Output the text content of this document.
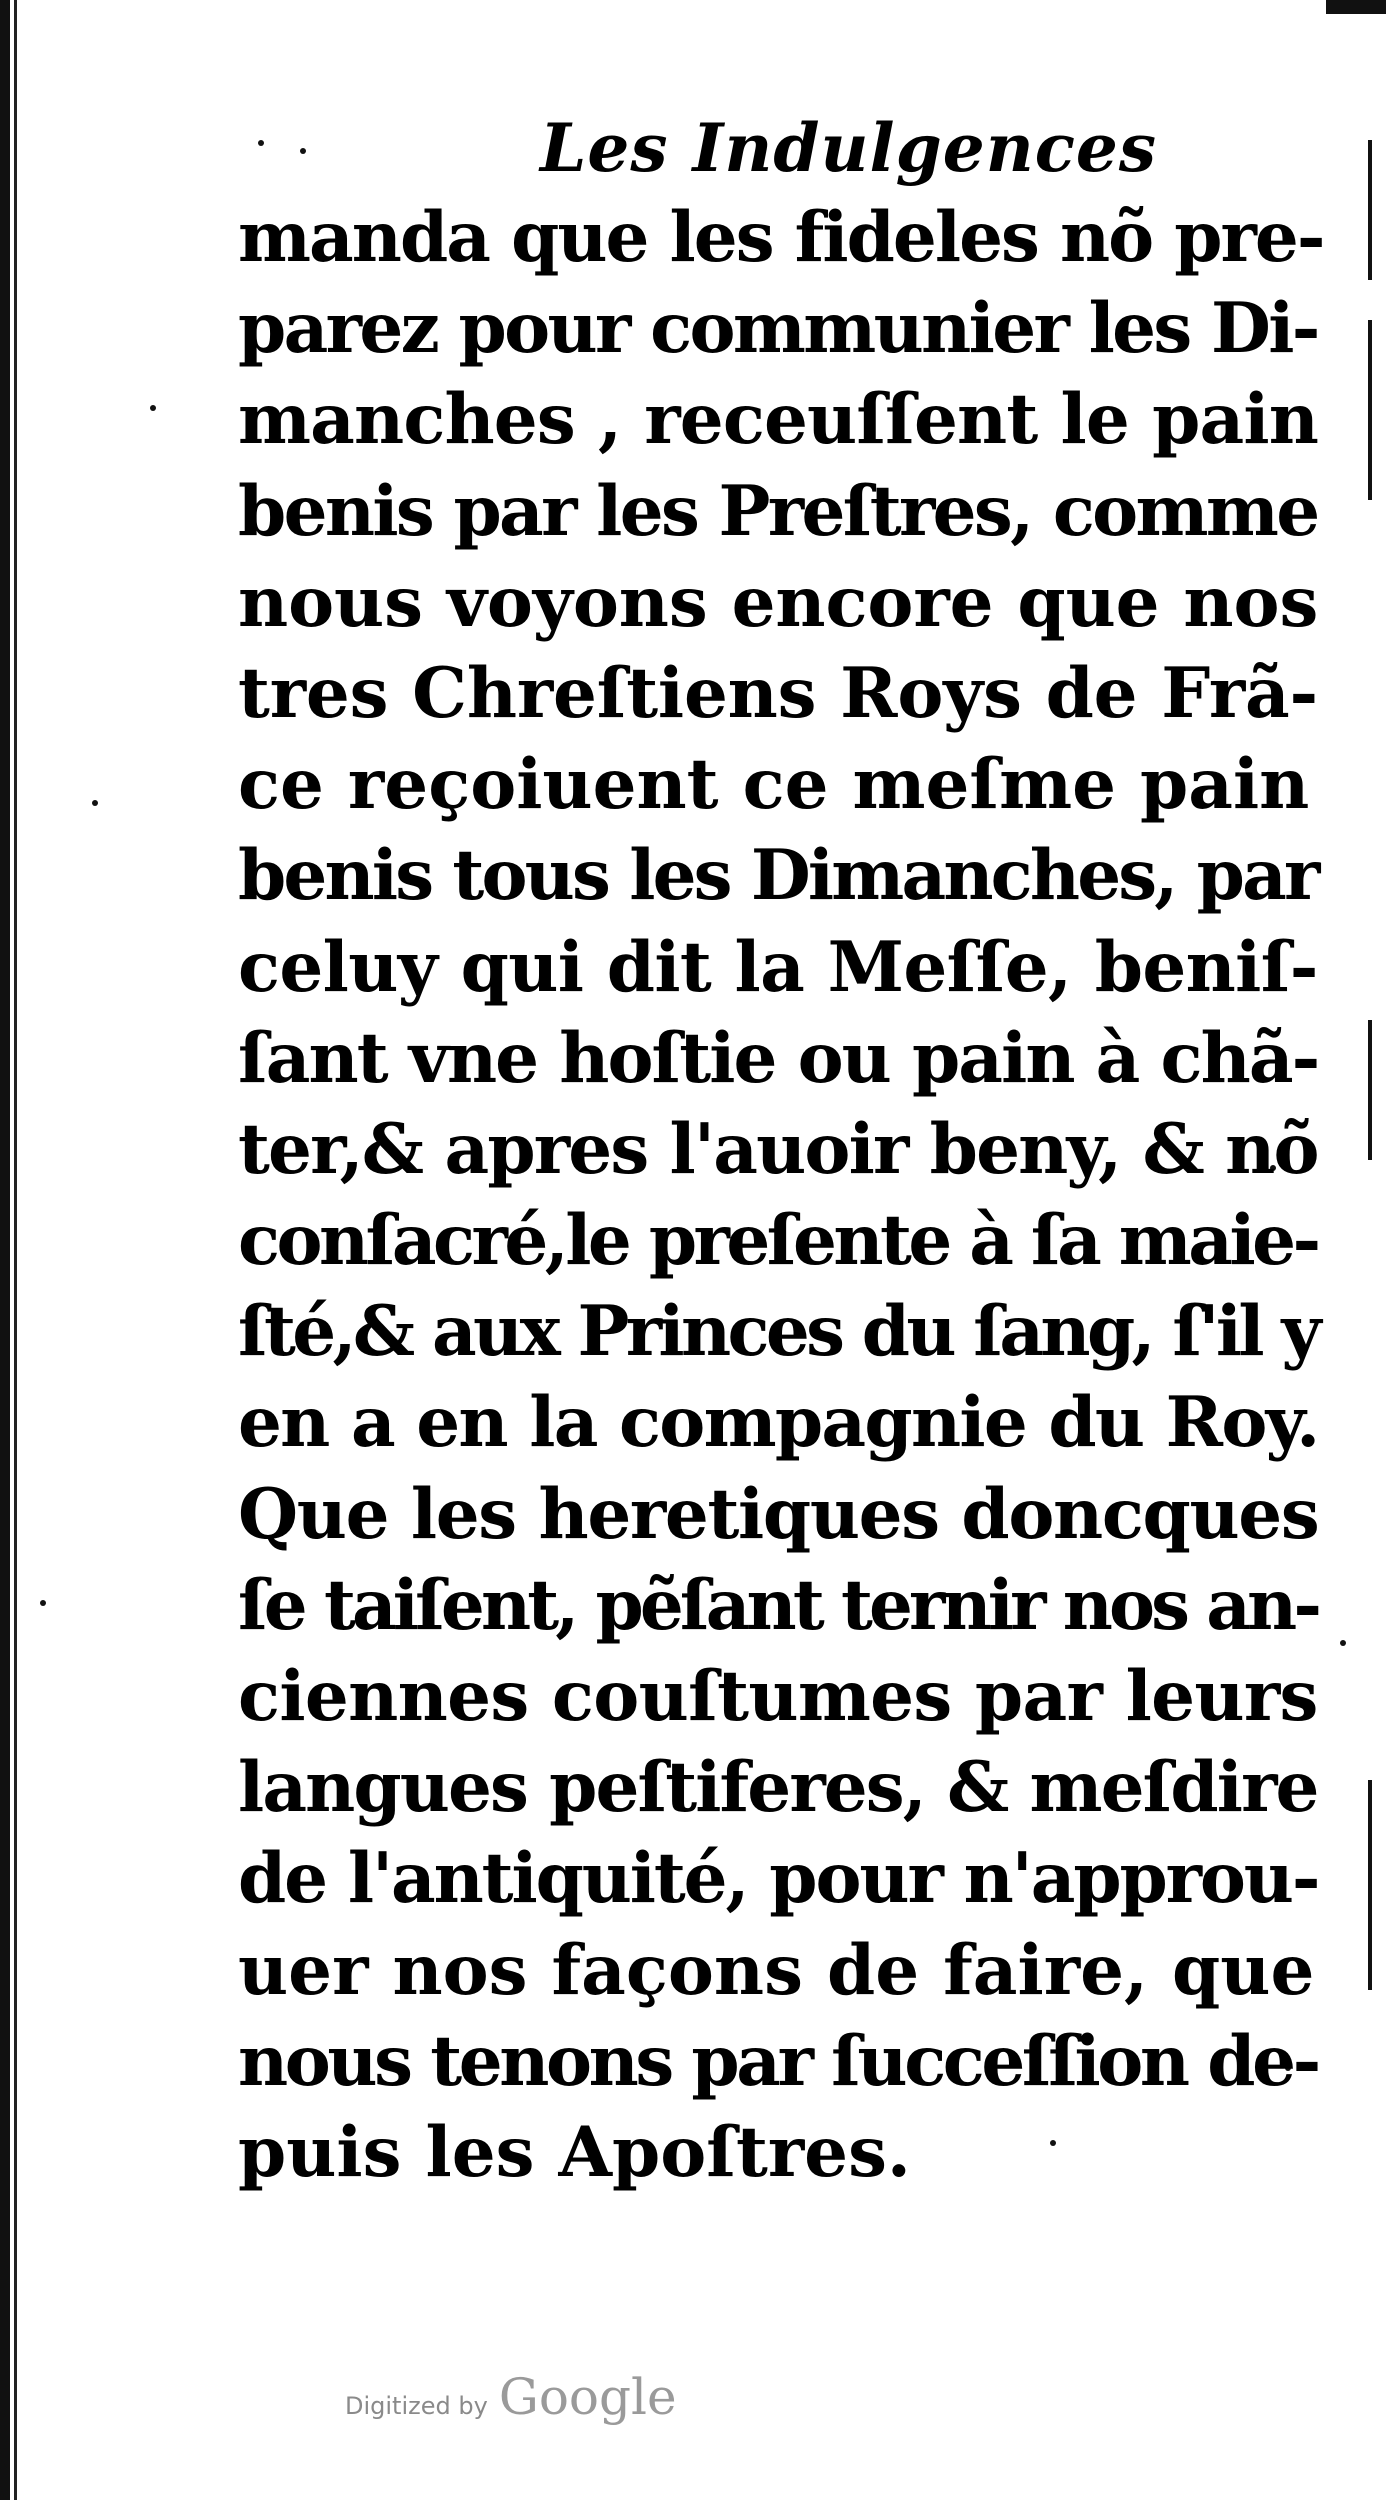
Les Indulgences
manda que les fideles nõ pre-
parez pour communier les Di-
manches , receuſſent le pain
benis par les Preſtres, comme
nous voyons encore que nos
tres Chreſtiens Roys de Frã-
ce reçoiuent ce meſme pain
benis tous les Dimanches, par
celuy qui dit la Meſſe, beniſ-
ſant vne hoſtie ou pain à chã-
ter,& apres l'auoir beny, & nõ
conſacré,le preſente à ſa maie-
ſté,& aux Princes du ſang, ſ'il y
en a en la compagnie du Roy.
Que les heretiques doncques
ſe taiſent, pẽſant ternir nos an-
ciennes couſtumes par leurs
langues peſtiferes, & meſdire
de l'antiquité, pour n'approu-
uer nos façons de faire, que
nous tenons par ſucceſſion de-
puis les Apoſtres.
Digitized by Google
